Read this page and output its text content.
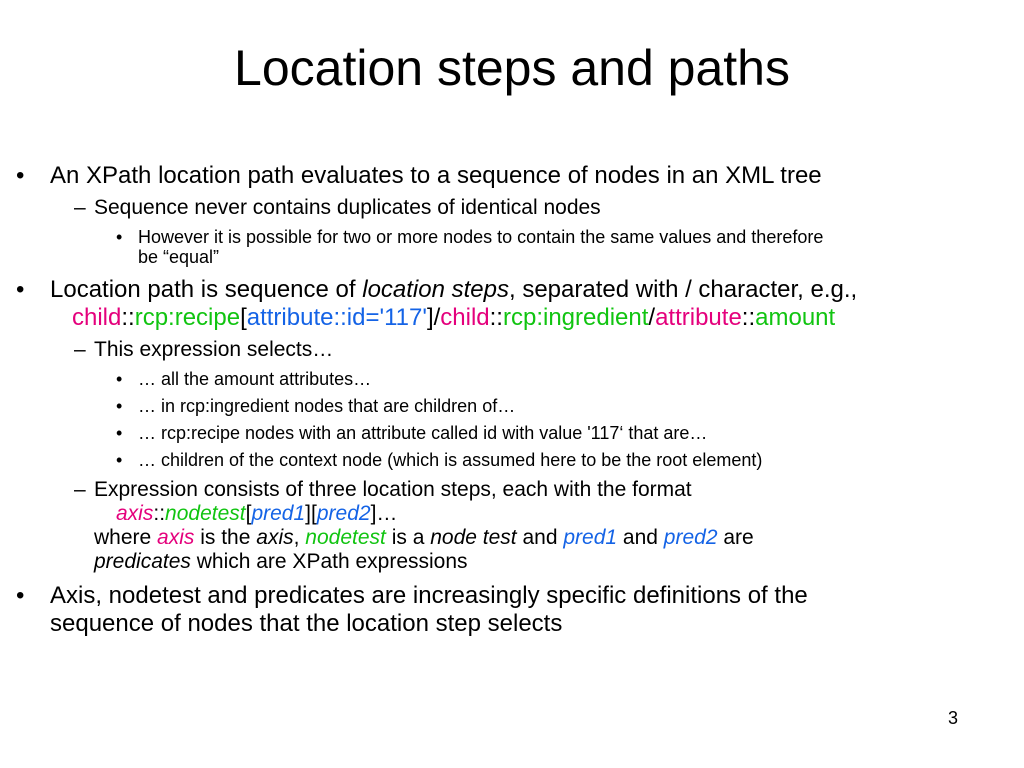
Location steps and paths
• An XPath location path evaluates to a sequence of nodes in an XML tree
– Sequence never contains duplicates of identical nodes
• However it is possible for two or more nodes to contain the same values and therefore
be “equal”
• Location path is sequence of location steps, separated with / character, e.g.,
child::rcp:recipe[attribute::id='117']/child::rcp:ingredient/attribute::amount
– This expression selects…
• … all the amount attributes…
• … in rcp:ingredient nodes that are children of…
• … rcp:recipe nodes with an attribute called id with value '117‘ that are…
• … children of the context node (which is assumed here to be the root element)
– Expression consists of three location steps, each with the format
axis::nodetest[pred1][pred2]…
where axis is the axis, nodetest is a node test and pred1 and pred2 are
predicates which are XPath expressions
• Axis, nodetest and predicates are increasingly specific definitions of the
sequence of nodes that the location step selects
3
